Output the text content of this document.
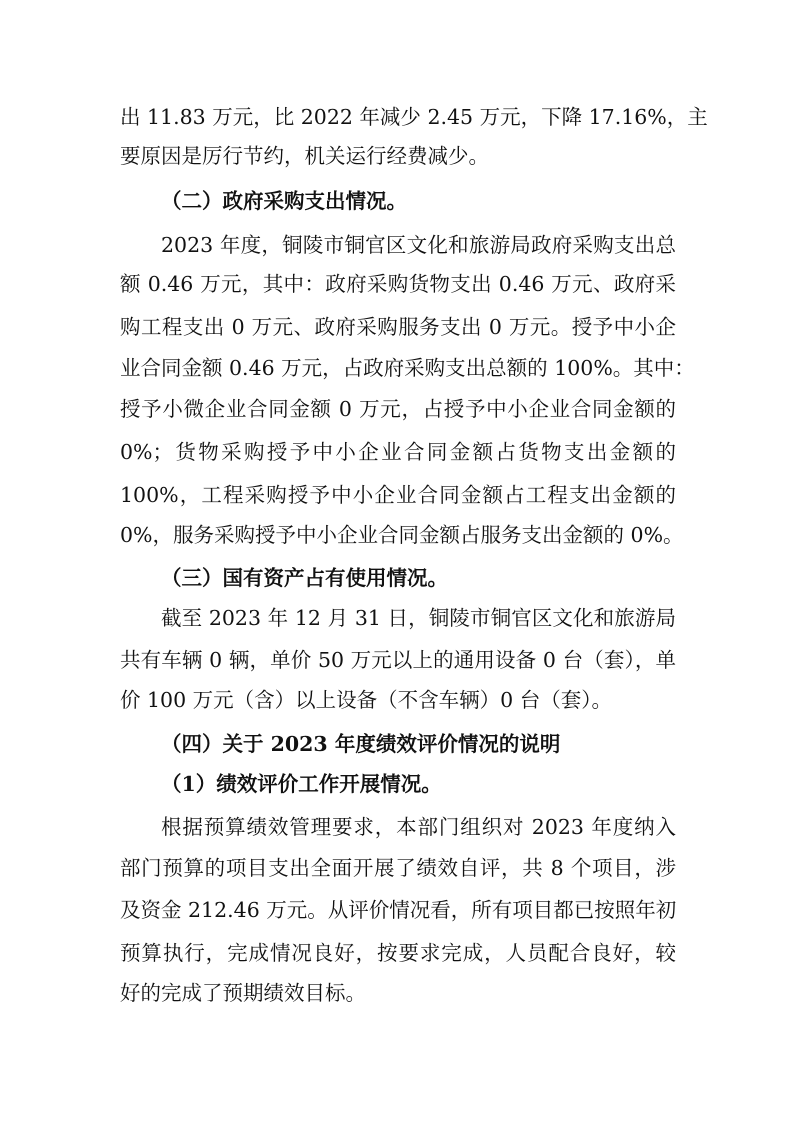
出 11.83 万元，比 2022 年减少 2.45 万元，下降 17.16%，主
要原因是厉行节约，机关运行经费减少。
（二）政府采购支出情况。
2023 年度，铜陵市铜官区文化和旅游局政府采购支出总
额 0.46 万元，其中：政府采购货物支出 0.46 万元、政府采
购工程支出 0 万元、政府采购服务支出 0 万元。授予中小企
业合同金额 0.46 万元，占政府采购支出总额的 100%。其中：
授予小微企业合同金额 0 万元，占授予中小企业合同金额的
0%；货物采购授予中小企业合同金额占货物支出金额的
100%，工程采购授予中小企业合同金额占工程支出金额的
0%，服务采购授予中小企业合同金额占服务支出金额的 0%。
（三）国有资产占有使用情况。
截至 2023 年 12 月 31 日，铜陵市铜官区文化和旅游局
共有车辆 0 辆，单价 50 万元以上的通用设备 0 台（套），单
价 100 万元（含）以上设备（不含车辆）0 台（套）。
（四）关于 2023 年度绩效评价情况的说明
（1）绩效评价工作开展情况。
根据预算绩效管理要求，本部门组织对 2023 年度纳入
部门预算的项目支出全面开展了绩效自评，共 8 个项目，涉
及资金 212.46 万元。从评价情况看，所有项目都已按照年初
预算执行，完成情况良好，按要求完成，人员配合良好，较
好的完成了预期绩效目标。
